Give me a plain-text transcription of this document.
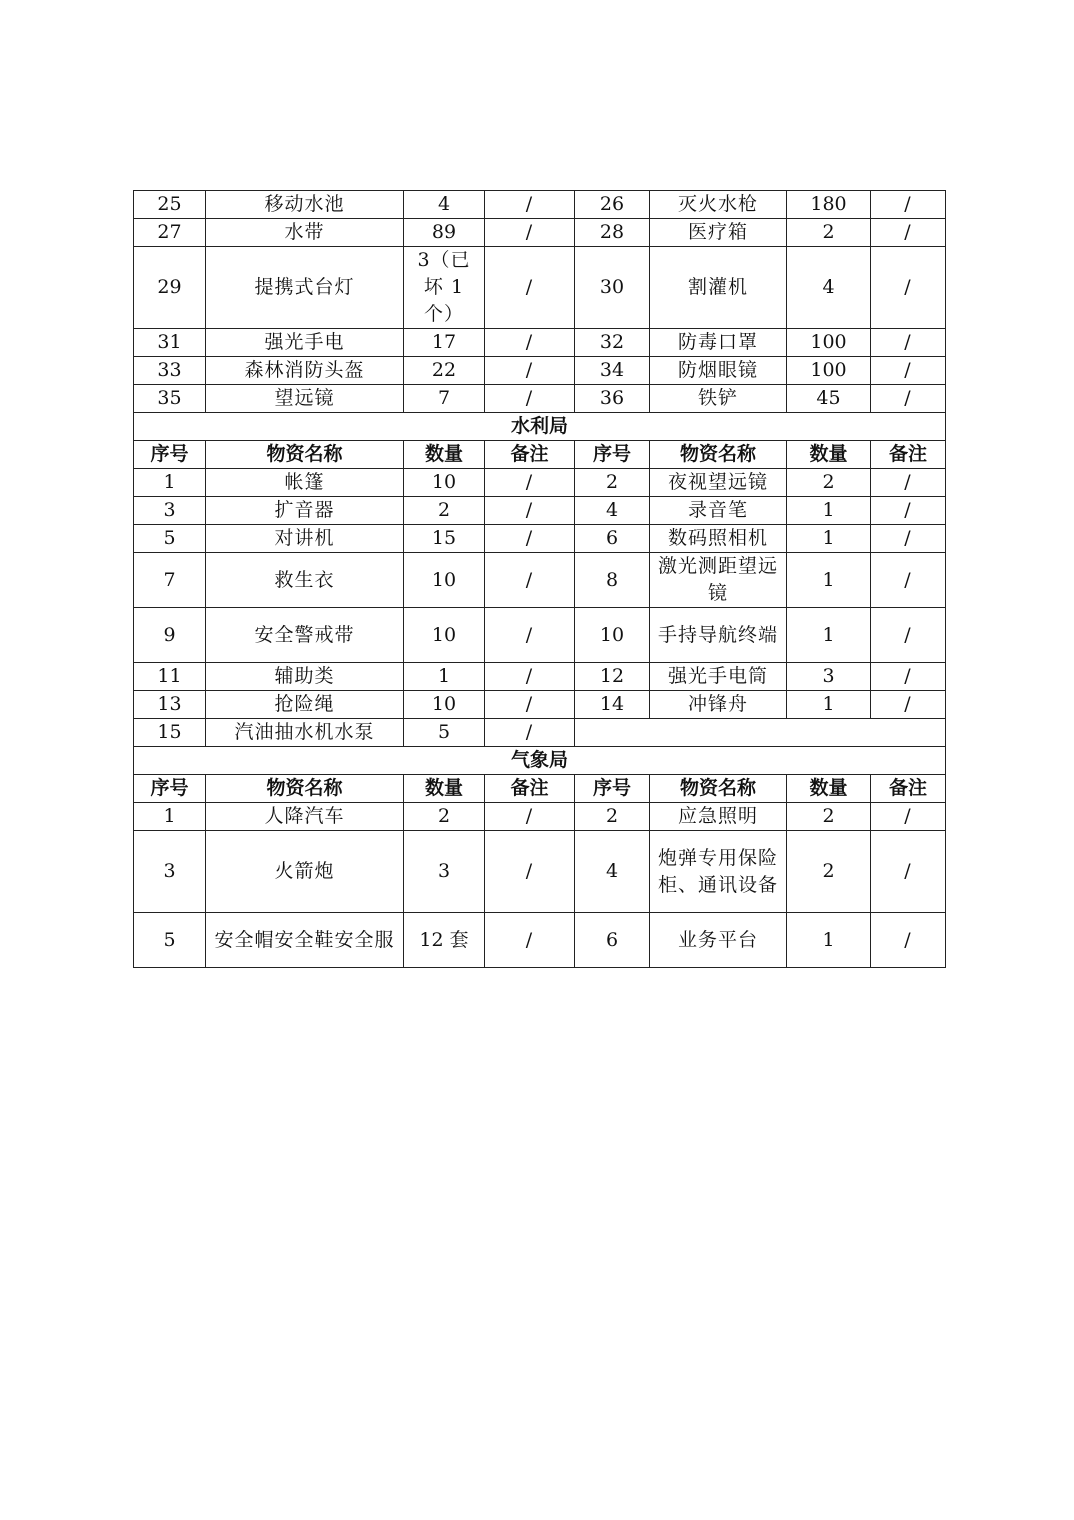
25	移动水池	4	/	26	灭火水枪	180	/
27	水带	89	/	28	医疗箱	2	/
29	提携式台灯	3（已坏 1 个）	/	30	割灌机	4	/
31	强光手电	17	/	32	防毒口罩	100	/
33	森林消防头盔	22	/	34	防烟眼镜	100	/
35	望远镜	7	/	36	铁铲	45	/
水利局							
序号	物资名称	数量	备注	序号	物资名称	数量	备注
1	帐篷	10	/	2	夜视望远镜	2	/
3	扩音器	2	/	4	录音笔	1	/
5	对讲机	15	/	6	数码照相机	1	/
7	救生衣	10	/	8	激光测距望远镜	1	/
9	安全警戒带	10	/	10	手持导航终端	1	/
11	辅助类	1	/	12	强光手电筒	3	/
13	抢险绳	10	/	14	冲锋舟	1	/
15	汽油抽水机水泵	5	/				
气象局							
序号	物资名称	数量	备注	序号	物资名称	数量	备注
1	人降汽车	2	/	2	应急照明	2	/
3	火箭炮	3	/	4	炮弹专用保险柜、通讯设备	2	/
5	安全帽安全鞋安全服	12 套	/	6	业务平台	1	/
